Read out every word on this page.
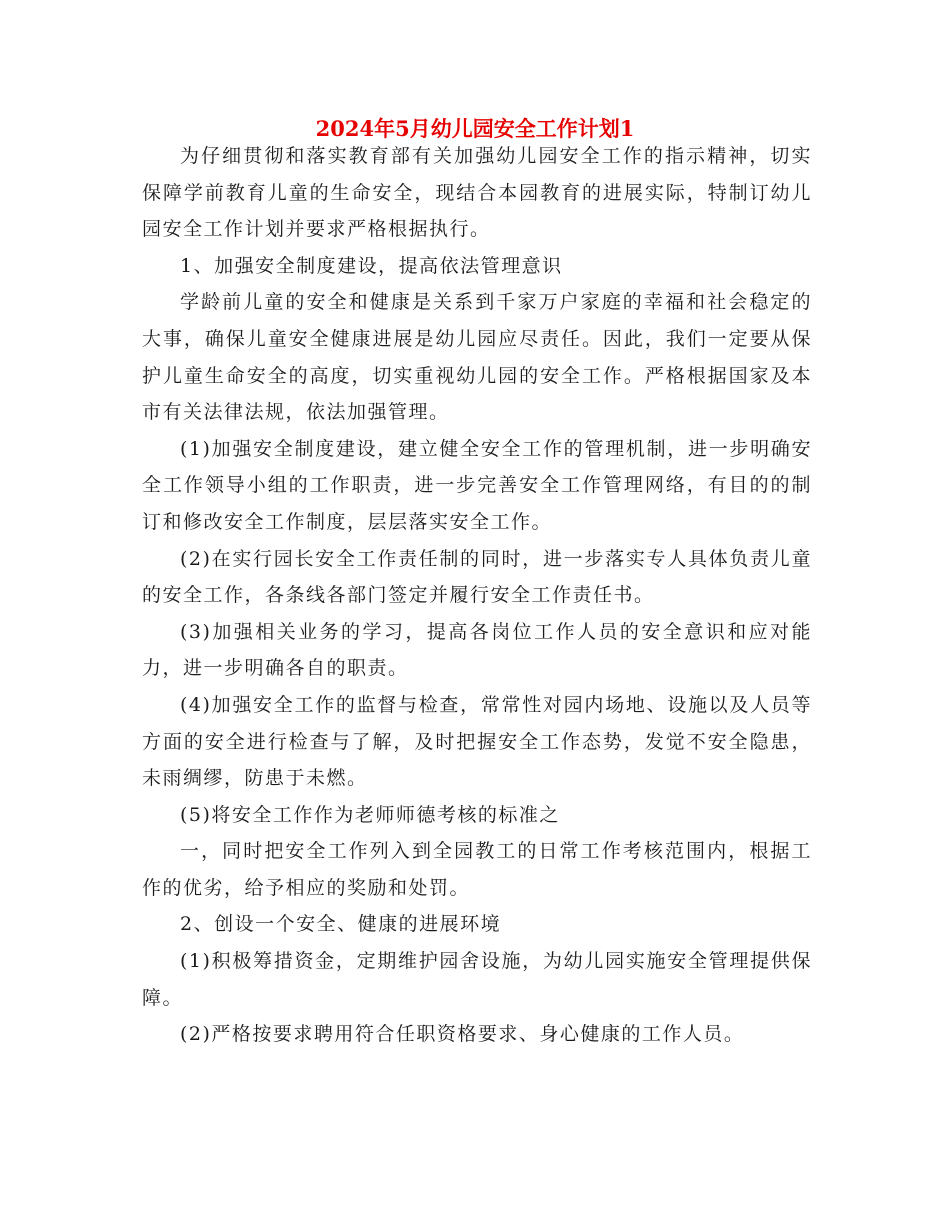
2024年5月幼儿园安全工作计划1

为仔细贯彻和落实教育部有关加强幼儿园安全工作的指示精神，切实保障学前教育儿童的生命安全，现结合本园教育的进展实际，特制订幼儿园安全工作计划并要求严格根据执行。

1、加强安全制度建设，提高依法管理意识

学龄前儿童的安全和健康是关系到千家万户家庭的幸福和社会稳定的大事，确保儿童安全健康进展是幼儿园应尽责任。因此，我们一定要从保护儿童生命安全的高度，切实重视幼儿园的安全工作。严格根据国家及本市有关法律法规，依法加强管理。

(1)加强安全制度建设，建立健全安全工作的管理机制，进一步明确安全工作领导小组的工作职责，进一步完善安全工作管理网络，有目的的制订和修改安全工作制度，层层落实安全工作。

(2)在实行园长安全工作责任制的同时，进一步落实专人具体负责儿童的安全工作，各条线各部门签定并履行安全工作责任书。

(3)加强相关业务的学习，提高各岗位工作人员的安全意识和应对能力，进一步明确各自的职责。

(4)加强安全工作的监督与检查，常常性对园内场地、设施以及人员等方面的安全进行检查与了解，及时把握安全工作态势，发觉不安全隐患，未雨绸缪，防患于未燃。

(5)将安全工作作为老师师德考核的标准之

一，同时把安全工作列入到全园教工的日常工作考核范围内，根据工作的优劣，给予相应的奖励和处罚。

2、创设一个安全、健康的进展环境

(1)积极筹措资金，定期维护园舍设施，为幼儿园实施安全管理提供保障。

(2)严格按要求聘用符合任职资格要求、身心健康的工作人员。
